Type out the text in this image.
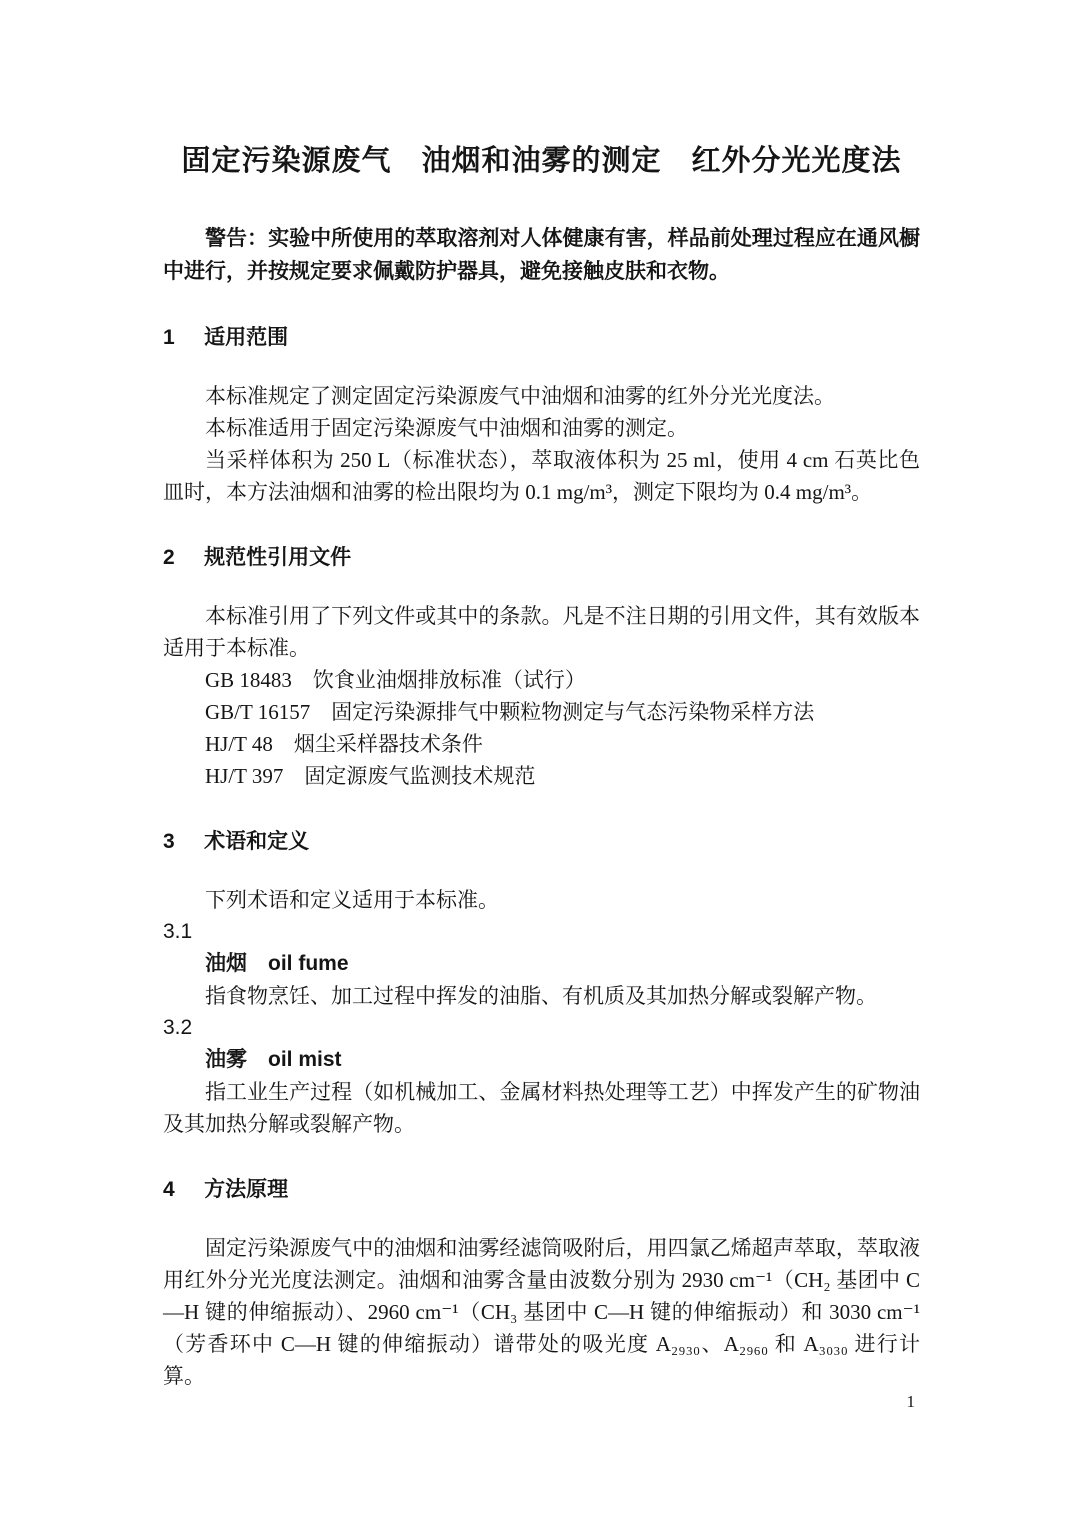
固定污染源废气　油烟和油雾的测定　红外分光光度法

警告：实验中所使用的萃取溶剂对人体健康有害，样品前处理过程应在通风橱中进行，并按规定要求佩戴防护器具，避免接触皮肤和衣物。

1 适用范围

本标准规定了测定固定污染源废气中油烟和油雾的红外分光光度法。

本标准适用于固定污染源废气中油烟和油雾的测定。

当采样体积为 250 L（标准状态），萃取液体积为 25 ml，使用 4 cm 石英比色皿时，本方法油烟和油雾的检出限均为 0.1 mg/m³，测定下限均为 0.4 mg/m³。

2 规范性引用文件

本标准引用了下列文件或其中的条款。凡是不注日期的引用文件，其有效版本适用于本标准。

GB 18483　饮食业油烟排放标准（试行）
GB/T 16157　固定污染源排气中颗粒物测定与气态污染物采样方法
HJ/T 48　烟尘采样器技术条件
HJ/T 397　固定源废气监测技术规范
3 术语和定义

下列术语和定义适用于本标准。

3.1
油烟　oil fume

指食物烹饪、加工过程中挥发的油脂、有机质及其加热分解或裂解产物。

3.2
油雾　oil mist

指工业生产过程（如机械加工、金属材料热处理等工艺）中挥发产生的矿物油及其加热分解或裂解产物。

4 方法原理

固定污染源废气中的油烟和油雾经滤筒吸附后，用四氯乙烯超声萃取，萃取液用红外分光光度法测定。油烟和油雾含量由波数分别为 2930 cm⁻¹（CH₂ 基团中 C—H 键的伸缩振动）、2960 cm⁻¹（CH₃ 基团中 C—H 键的伸缩振动）和 3030 cm⁻¹（芳香环中 C—H 键的伸缩振动）谱带处的吸光度 A₂₉₃₀、A₂₉₆₀ 和 A₃₀₃₀ 进行计算。

1
